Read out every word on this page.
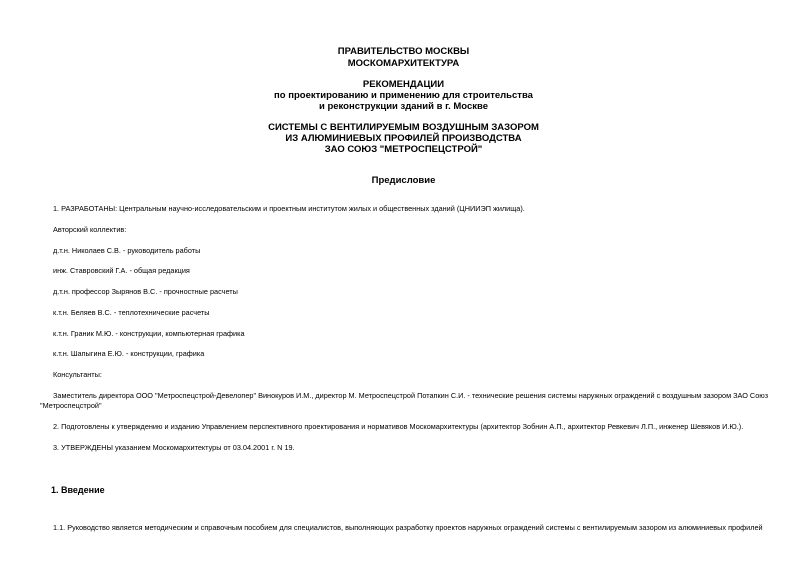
ПРАВИТЕЛЬСТВО МОСКВЫ
МОСКОМАРХИТЕКТУРА
РЕКОМЕНДАЦИИ
по проектированию и применению для строительства
и реконструкции зданий в г. Москве
СИСТЕМЫ С ВЕНТИЛИРУЕМЫМ ВОЗДУШНЫМ ЗАЗОРОМ
ИЗ АЛЮМИНИЕВЫХ ПРОФИЛЕЙ ПРОИЗВОДСТВА
ЗАО СОЮЗ "МЕТРОСПЕЦСТРОЙ"
Предисловие
1. РАЗРАБОТАНЫ: Центральным научно-исследовательским и проектным институтом жилых и общественных зданий (ЦНИИЭП жилища).
Авторский коллектив:
д.т.н. Николаев С.В. - руководитель работы
инж. Ставровский Г.А. - общая редакция
д.т.н. профессор Зырянов В.С. - прочностные расчеты
к.т.н. Беляев В.С. - теплотехнические расчеты
к.т.н. Граник М.Ю. - конструкции, компьютерная графика
к.т.н. Шапыгина Е.Ю. - конструкции, графика
Консультанты:
Заместитель директора ООО "Метроспецстрой-Девелопер" Винокуров И.М., директор М. Метроспецстрой Потапкин С.И. - технические решения системы наружных ограждений с воздушным зазором ЗАО Союз
"Метроспецстрой"
2. Подготовлены к утверждению и изданию Управлением перспективного проектирования и нормативов Москомархитектуры (архитектор Зобнин А.П., архитектор Ревкевич Л.П., инженер Шевяков И.Ю.).
3. УТВЕРЖДЕНЫ указанием Москомархитектуры от 03.04.2001 г. N 19.
1. Введение
1.1. Руководство является методическим и справочным пособием для специалистов, выполняющих разработку проектов наружных ограждений системы с вентилируемым зазором из алюминиевых профилей
